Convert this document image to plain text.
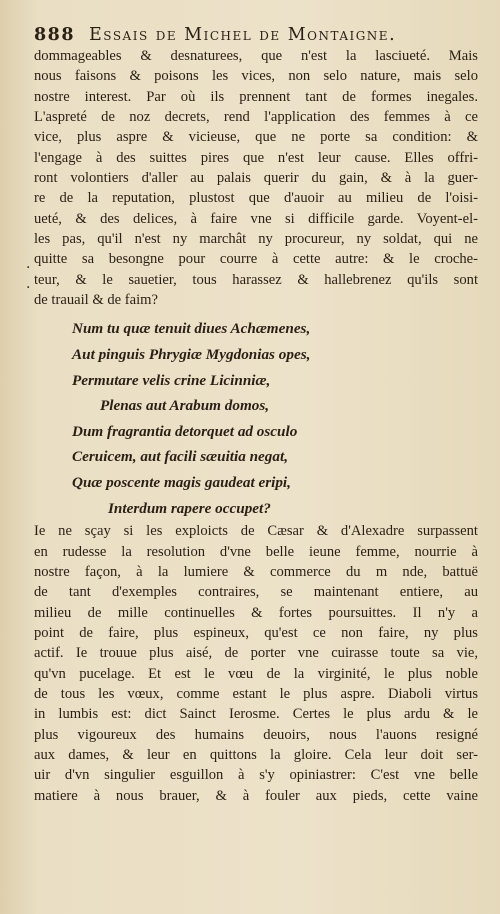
888 Essais de Michel de Montaigne.
·
·
dommageables & desnaturees, que n'est la lasciueté. Mais
nous faisons & poisons les vices, non selo nature, mais selo
nostre interest. Par où ils prennent tant de formes inegales.
L'aspreté de noz decrets, rend l'application des femmes à ce
vice, plus aspre & vicieuse, que ne porte sa condition: &
l'engage à des suittes pires que n'est leur cause. Elles offri-
ront volontiers d'aller au palais querir du gain, & à la guer-
re de la reputation, plustost que d'auoir au milieu de l'oisi-
ueté, & des delices, à faire vne si difficile garde. Voyent-el-
les pas, qu'il n'est ny marchât ny procureur, ny soldat, qui ne
quitte sa besongne pour courre à cette autre: & le croche-
teur, & le sauetier, tous harassez & hallebrenez qu'ils sont
de trauail & de faim?
Num tu quæ tenuit diues Achæmenes,
Aut pinguis Phrygiæ Mygdonias opes,
Permutare velis crine Licinniæ,
Plenas aut Arabum domos,
Dum fragrantia detorquet ad osculo
Ceruicem, aut facili sæuitia negat,
Quæ poscente magis gaudeat eripi,
Interdum rapere occupet?
Ie ne sçay si les exploicts de Cæsar & d'Alexadre surpassent
en rudesse la resolution d'vne belle ieune femme, nourrie à
nostre façon, à la lumiere & commerce du m nde, battuë
de tant d'exemples contraires, se maintenant entiere, au
milieu de mille continuelles & fortes poursuittes. Il n'y a
point de faire, plus espineux, qu'est ce non faire, ny plus
actif. Ie trouue plus aisé, de porter vne cuirasse toute sa vie,
qu'vn pucelage. Et est le vœu de la virginité, le plus noble
de tous les vœux, comme estant le plus aspre. Diaboli virtus
in lumbis est: dict Sainct Ierosme. Certes le plus ardu & le
plus vigoureux des humains deuoirs, nous l'auons resigné
aux dames, & leur en quittons la gloire. Cela leur doit ser-
uir d'vn singulier esguillon à s'y opiniastrer: C'est vne belle
matiere à nous brauer, & à fouler aux pieds, cette vaine
